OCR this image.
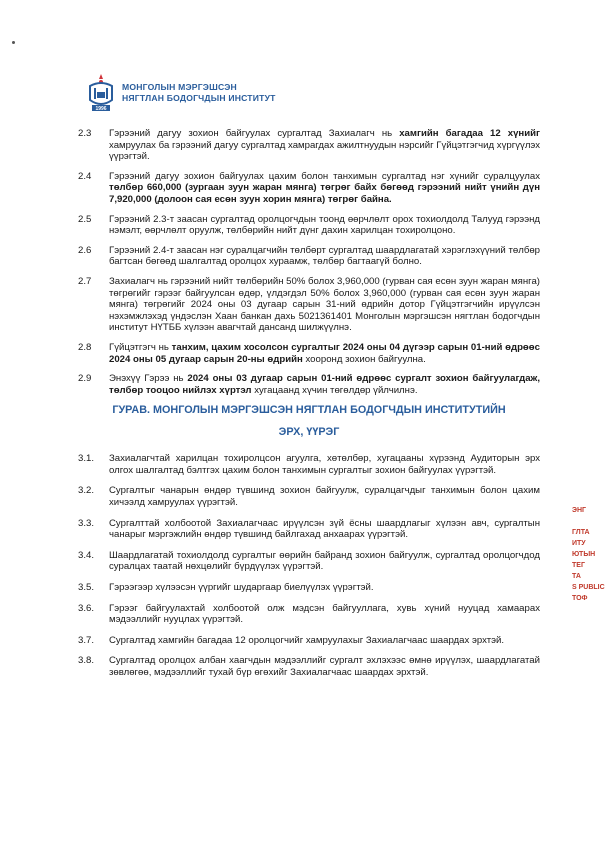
1996
МОНГОЛЫН МЭРГЭШСЭН
НЯГТЛАН БОДОГЧДЫН ИНСТИТУТ
2.3	Гэрээний дагуу зохион байгуулах сургалтад Захиалагч нь хамгийн багадаа 12 хүнийг хамруулах ба гэрээний дагуу сургалтад хамрагдах ажилтнуудын нэрсийг Гүйцэтгэгчид хүргүүлэх үүрэгтэй.
2.4	Гэрээний дагуу зохион байгуулах цахим болон танхимын сургалтад нэг хүнийг суралцуулах төлбөр 660,000 (зургаан зуун жаран мянга) төгрөг байх бөгөөд гэрээний нийт үнийн дүн 7,920,000 (долоон сая есөн зуун хорин мянга) төгрөг байна.
2.5	Гэрээний 2.3-т заасан сургалтад оролцогчдын тоонд өөрчлөлт орох тохиолдолд Талууд гэрээнд нэмэлт, өөрчлөлт оруулж, төлбөрийн нийт дүнг дахин харилцан тохиролцоно.
2.6	Гэрээний 2.4-т заасан нэг суралцагчийн төлбөрт сургалтад шаардлагатай хэрэглэхүүний төлбөр багтсан бөгөөд шалгалтад оролцох хураамж, төлбөр багтаагүй болно.
2.7	Захиалагч нь гэрээний нийт төлбөрийн 50% болох 3,960,000 (гурван сая есөн зуун жаран мянга) төгрөгийг гэрээг байгуулсан өдөр, үлдэгдэл 50% болох 3,960,000 (гурван сая есөн зуун жаран мянга) төгрөгийг 2024 оны 03 дугаар сарын 31-ний өдрийн дотор Гүйцэтгэгчийн ирүүлсэн нэхэмжлэхэд үндэслэн Хаан банкан дахь 5021361401 Монголын мэргэшсэн нягтлан бодогчдын институт НҮТББ хүлээн авагчтай дансанд шилжүүлнэ.
2.8	Гүйцэтгэгч нь танхим, цахим хосолсон сургалтыг 2024 оны 04 дүгээр сарын 01-ний өдрөөс 2024 оны 05 дугаар сарын 20-ны өдрийн хооронд зохион байгуулна.
2.9	Энэхүү Гэрээ нь 2024 оны 03 дугаар сарын 01-ний өдрөөс сургалт зохион байгуулагдаж, төлбөр тооцоо нийлэх хүртэл хугацаанд хүчин төгөлдөр үйлчилнэ.
ГУРАВ. МОНГОЛЫН МЭРГЭШСЭН НЯГТЛАН БОДОГЧДЫН ИНСТИТУТИЙН
ЭРХ, ҮҮРЭГ
3.1.	Захиалагчтай харилцан тохиролцсон агуулга, хөтөлбөр, хугацааны хүрээнд Аудиторын эрх олгох шалгалтад бэлтгэх цахим болон танхимын сургалтыг зохион байгуулах үүрэгтэй.
3.2.	Сургалтыг чанарын өндөр түвшинд зохион байгуулж, суралцагчдыг танхимын болон цахим хичээлд хамруулах үүрэгтэй.
3.3.	Сургалттай холбоотой Захиалагчаас ирүүлсэн зүй ёсны шаардлагыг хүлээн авч, сургалтын чанарыг мэргэжлийн өндөр түвшинд байлгахад анхаарах үүрэгтэй.
3.4.	Шаардлагатай тохиолдолд сургалтыг өөрийн байранд зохион байгуулж, сургалтад оролцогчдод суралцах таатай нөхцөлийг бүрдүүлэх үүрэгтэй.
3.5.	Гэрээгээр хүлээсэн үүргийг шударгаар биелүүлэх үүрэгтэй.
3.6.	Гэрээг байгуулахтай холбоотой олж мэдсэн байгууллага, хувь хүний нууцад хамаарах мэдээллийг нууцлах үүрэгтэй.
3.7.	Сургалтад хамгийн багадаа 12 оролцогчийг хамруулахыг Захиалагчаас шаардах эрхтэй.
3.8.	Сургалтад оролцох албан хаагчдын мэдээллийг сургалт эхлэхээс өмнө ирүүлэх, шаардлагатай зөвлөгөө, мэдээллийг тухай бүр өгөхийг Захиалагчаас шаардах эрхтэй.
ЭНГ

ГЛТА
ИТУ
ЮТЫН
ТЕГ
ТА
S PUBLIC
ТОФ
